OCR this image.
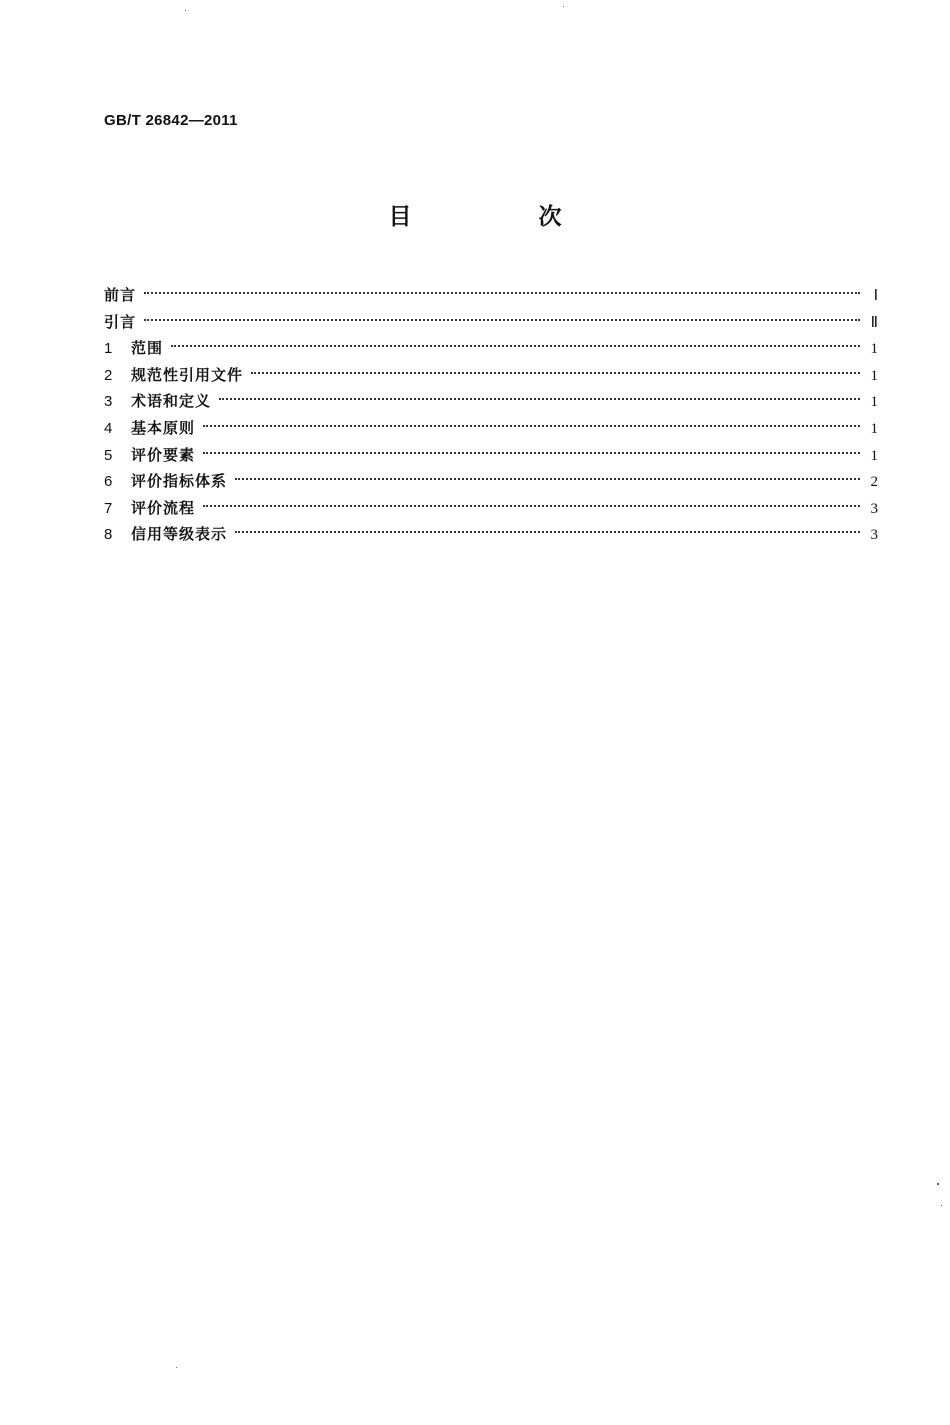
GB/T 26842—2011
目　次
前言	Ⅰ
引言	Ⅱ
1	范围	1
2	规范性引用文件	1
3	术语和定义	1
4	基本原则	1
5	评价要素	1
6	评价指标体系	2
7	评价流程	3
8	信用等级表示	3
